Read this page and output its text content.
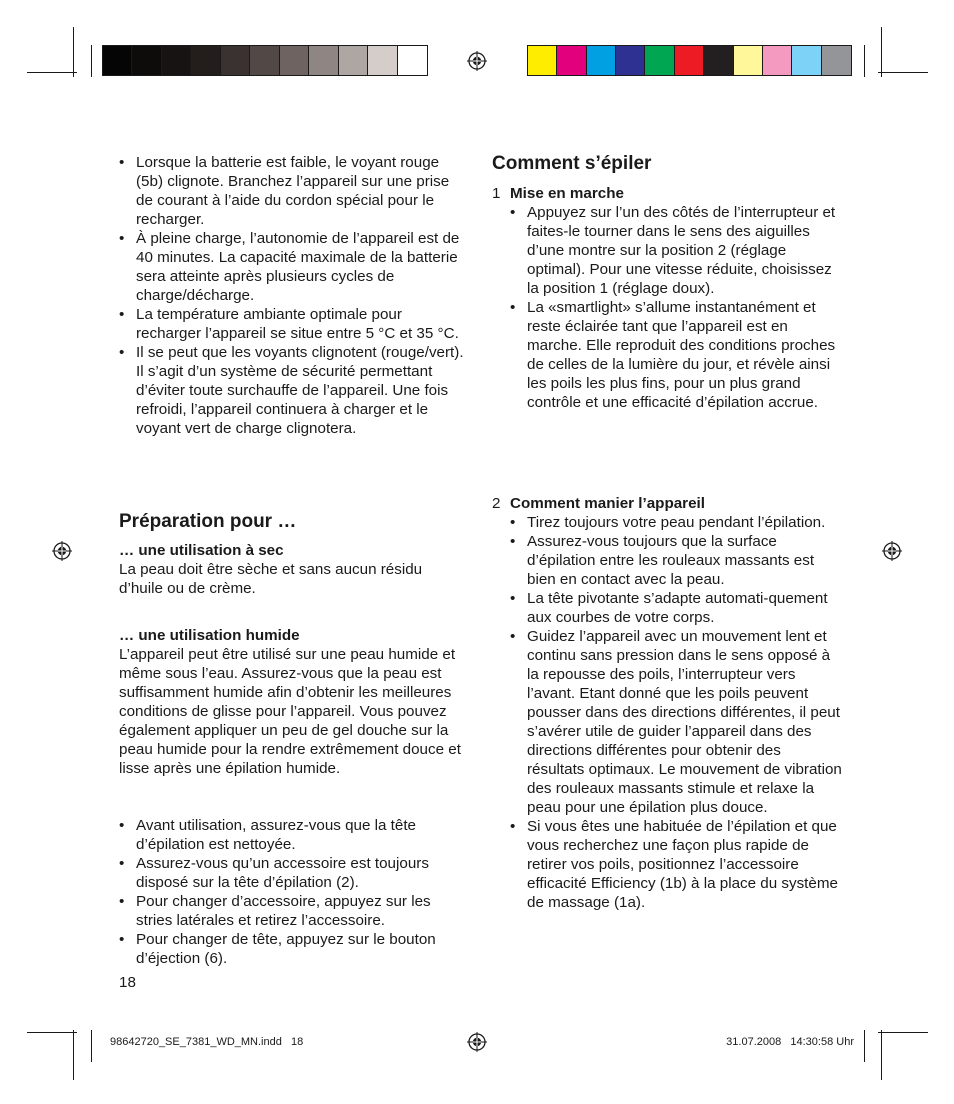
• Lorsque la batterie est faible, le voyant rouge (5b) clignote. Branchez l’appareil sur une prise de courant à l’aide du cordon spécial pour le recharger.
• À pleine charge, l’autonomie de l’appareil est de 40 minutes. La capacité maximale de la batterie sera atteinte après plusieurs cycles de charge/décharge.
• La température ambiante optimale pour recharger l’appareil se situe entre 5 °C et 35 °C.
• Il se peut que les voyants clignotent (rouge/vert). Il s’agit d’un système de sécurité permettant d’éviter toute surchauffe de l’appareil. Une fois refroidi, l’appareil continuera à charger et le voyant vert de charge clignotera.
Préparation pour …
… une utilisation à sec
La peau doit être sèche et sans aucun résidu d’huile ou de crème.
… une utilisation humide
L’appareil peut être utilisé sur une peau humide et même sous l’eau. Assurez-vous que la peau est suffisamment humide afin d’obtenir les meilleures conditions de glisse pour l’appareil. Vous pouvez également appliquer un peu de gel douche sur la peau humide pour la rendre extrêmement douce et lisse après une épilation humide.
• Avant utilisation, assurez-vous que la tête d’épilation est nettoyée.
• Assurez-vous qu’un accessoire est toujours disposé sur la tête d’épilation (2).
• Pour changer d’accessoire, appuyez sur les stries latérales et retirez l’accessoire.
• Pour changer de tête, appuyez sur le bouton d’éjection (6).
18
Comment s’épiler
1 Mise en marche
• Appuyez sur l’un des côtés de l’interrupteur et faites-le tourner dans le sens des aiguilles d’une montre sur la position 2 (réglage optimal). Pour une vitesse réduite, choisissez la position 1 (réglage doux).
• La «smartlight» s’allume instantanément et reste éclairée tant que l’appareil est en marche. Elle reproduit des conditions proches de celles de la lumière du jour, et révèle ainsi les poils les plus fins, pour un plus grand contrôle et une efficacité d’épilation accrue.
2 Comment manier l’appareil
• Tirez toujours votre peau pendant l’épilation.
• Assurez-vous toujours que la surface d’épilation entre les rouleaux massants est bien en contact avec la peau.
• La tête pivotante s’adapte automati-quement aux courbes de votre corps.
• Guidez l’appareil avec un mouvement lent et continu sans pression dans le sens opposé à la repousse des poils, l’interrupteur vers l’avant. Etant donné que les poils peuvent pousser dans des directions différentes, il peut s’avérer utile de guider l’appareil dans des directions différentes pour obtenir des résultats optimaux. Le mouvement de vibration des rouleaux massants stimule et relaxe la peau pour une épilation plus douce.
• Si vous êtes une habituée de l’épilation et que vous recherchez une façon plus rapide de retirer vos poils, positionnez l’accessoire efficacité Efficiency (1b) à la place du système de massage (1a).
98642720_SE_7381_WD_MN.indd   18	31.07.2008   14:30:58 Uhr
